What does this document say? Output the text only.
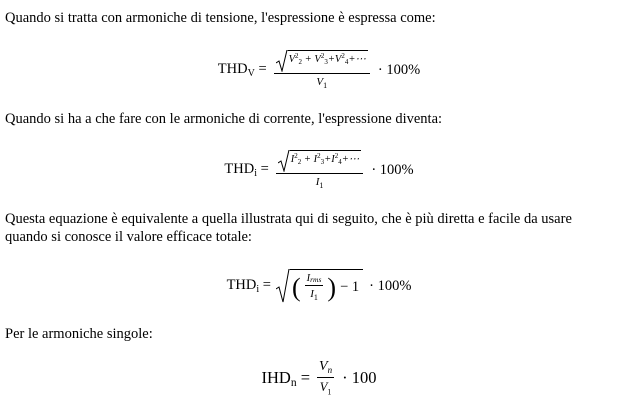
Quando si tratta con armoniche di tensione, l'espressione è espressa come:
$THD_V = \frac{V^2_2 + V^2_3+V^2_4+\cdots}{V_1} \cdot 100\%$
Quando si ha a che fare con le armoniche di corrente, l'espressione diventa:
$THD_i = \frac{I^2_2 + I^2_3+I^2_4+\cdots}{I_1} \cdot 100\%$
Questa equazione è equivalente a quella illustrata qui di seguito, che è più diretta e facile da usare
quando si conosce il valore efficace totale:
$THD_i$ = ( $\frac{\text{I rms}}{I_1}$ ) − 1 · 100%
Per le armoniche singole:
$IHD_n = \frac{V_n}{V_1} \cdot 100$
